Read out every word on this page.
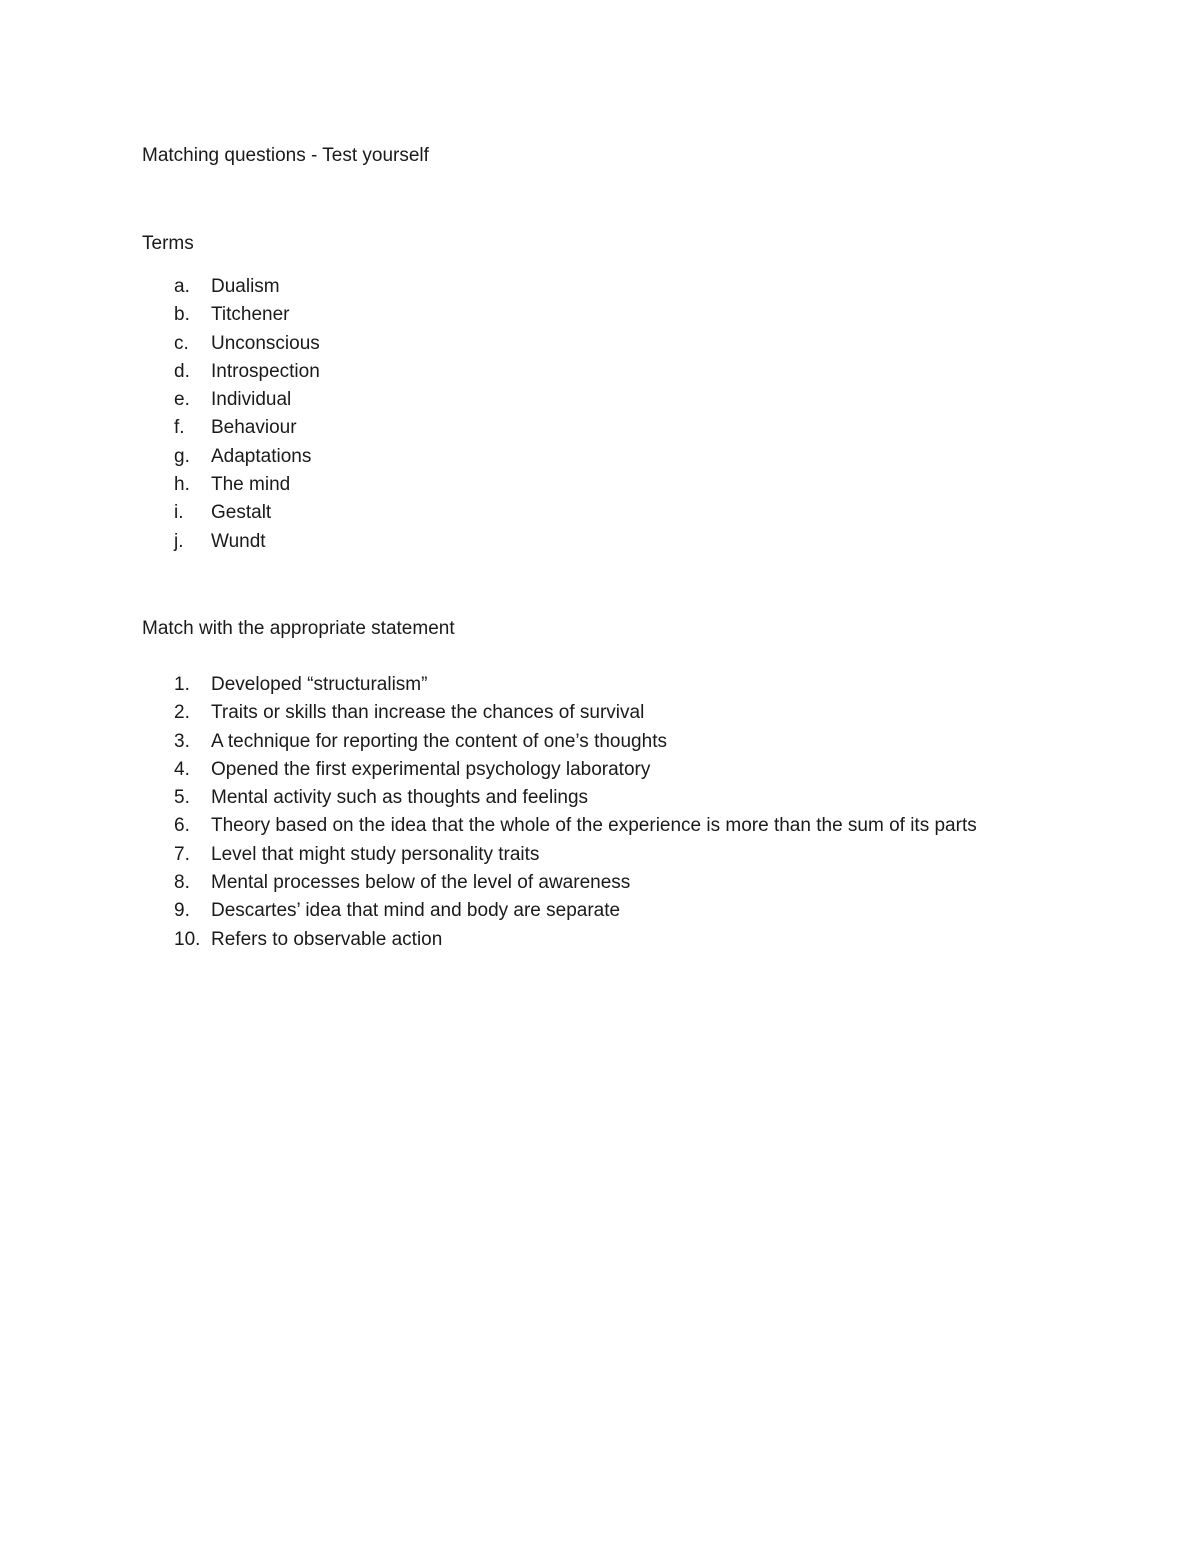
Matching questions - Test yourself
Terms
a. Dualism
b. Titchener
c. Unconscious
d. Introspection
e. Individual
f. Behaviour
g. Adaptations
h. The mind
i. Gestalt
j. Wundt
Match with the appropriate statement
1. Developed “structuralism”
2. Traits or skills than increase the chances of survival
3. A technique for reporting the content of one’s thoughts
4. Opened the first experimental psychology laboratory
5. Mental activity such as thoughts and feelings
6. Theory based on the idea that the whole of the experience is more than the sum of its parts
7. Level that might study personality traits
8. Mental processes below of the level of awareness
9. Descartes’ idea that mind and body are separate
10. Refers to observable action
